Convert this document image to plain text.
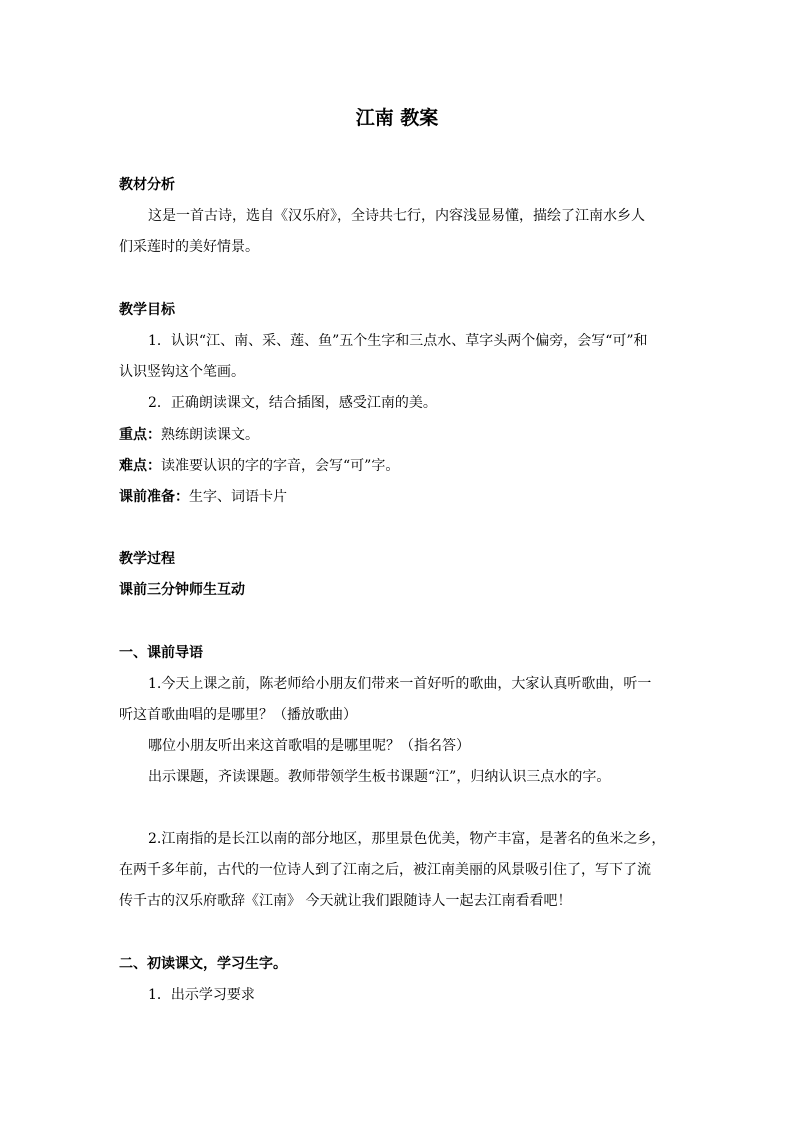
江南 教案
教材分析
这是一首古诗，选自《汉乐府》，全诗共七行，内容浅显易懂，描绘了江南水乡人
们采莲时的美好情景。
教学目标
1．认识“江、南、采、莲、鱼”五个生字和三点水、草字头两个偏旁，会写“可”和
认识竖钩这个笔画。
2．正确朗读课文，结合插图，感受江南的美。
重点：熟练朗读课文。
难点：读准要认识的字的字音，会写“可”字。
课前准备：生字、词语卡片
教学过程
课前三分钟师生互动
一、课前导语
1.今天上课之前，陈老师给小朋友们带来一首好听的歌曲，大家认真听歌曲，听一
听这首歌曲唱的是哪里？（播放歌曲）
哪位小朋友听出来这首歌唱的是哪里呢？（指名答）
出示课题，齐读课题。教师带领学生板书课题“江”，归纳认识三点水的字。
2.江南指的是长江以南的部分地区，那里景色优美，物产丰富，是著名的鱼米之乡，
在两千多年前，古代的一位诗人到了江南之后，被江南美丽的风景吸引住了，写下了流
传千古的汉乐府歌辞《江南》 今天就让我们跟随诗人一起去江南看看吧！
二、初读课文，学习生字。
1．出示学习要求
